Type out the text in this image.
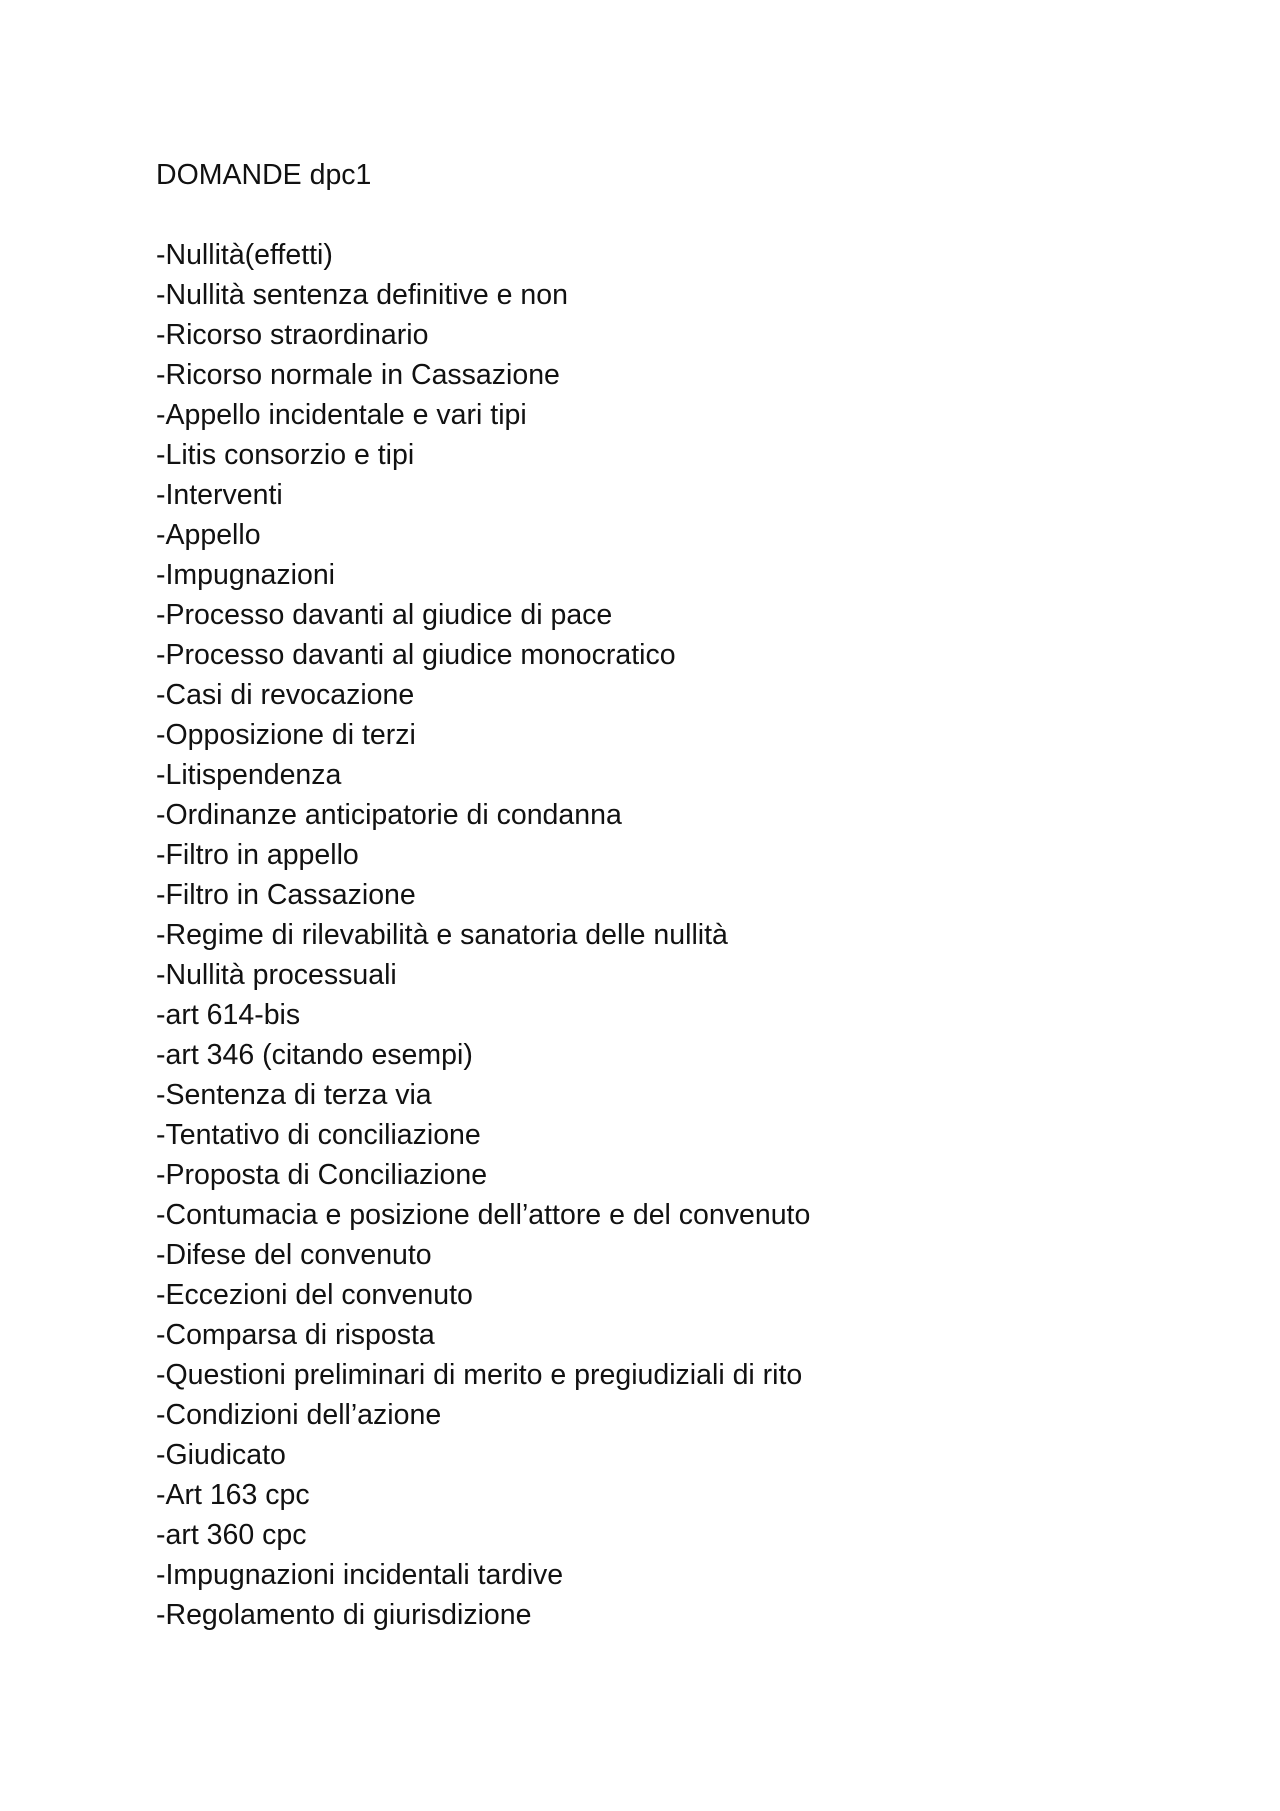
DOMANDE dpc1
-Nullità(effetti)
-Nullità sentenza definitive e non
-Ricorso straordinario
-Ricorso normale in Cassazione
-Appello incidentale e vari tipi
-Litis consorzio e tipi
-Interventi
-Appello
-Impugnazioni
-Processo davanti al giudice di pace
-Processo davanti al giudice monocratico
-Casi di revocazione
-Opposizione di terzi
-Litispendenza
-Ordinanze anticipatorie di condanna
-Filtro in appello
-Filtro in Cassazione
-Regime di rilevabilità e sanatoria delle nullità
-Nullità processuali
-art 614-bis
-art 346 (citando esempi)
-Sentenza di terza via
-Tentativo di conciliazione
-Proposta di Conciliazione
-Contumacia e posizione dell’attore e del convenuto
-Difese del convenuto
-Eccezioni del convenuto
-Comparsa di risposta
-Questioni preliminari di merito e pregiudiziali di rito
-Condizioni dell’azione
-Giudicato
-Art 163 cpc
-art 360 cpc
-Impugnazioni incidentali tardive
-Regolamento di giurisdizione
